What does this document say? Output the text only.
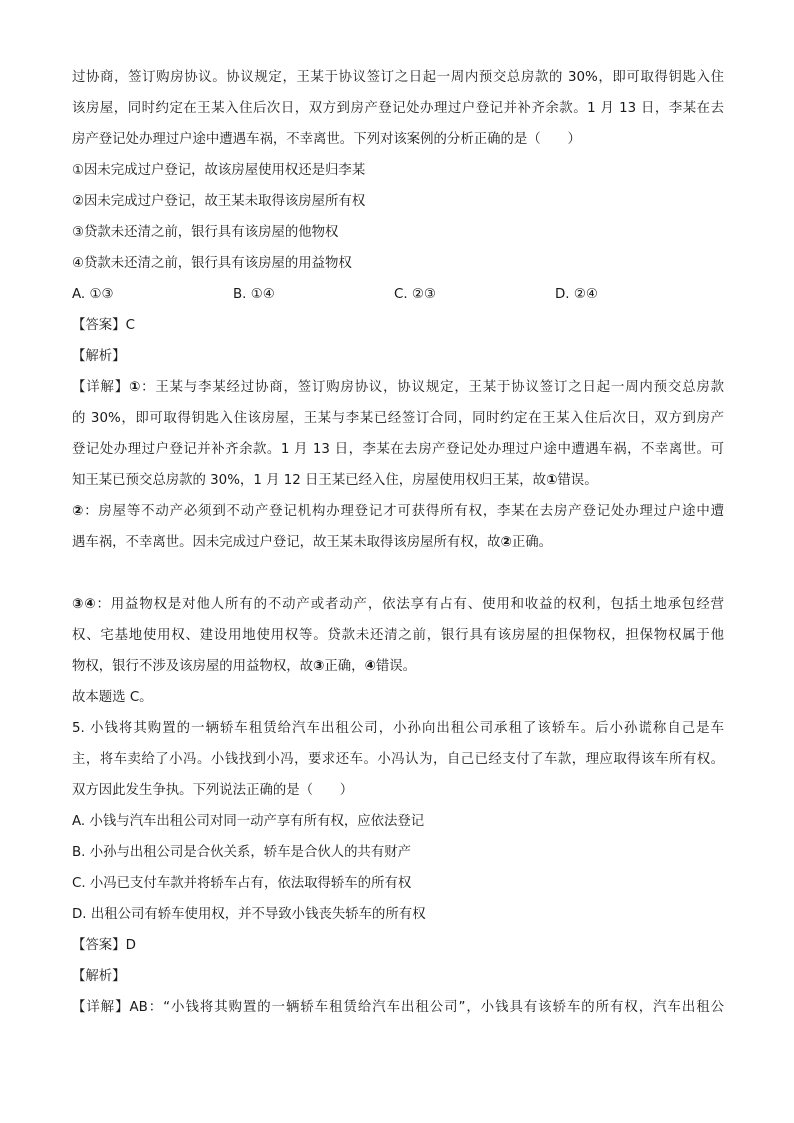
过协商，签订购房协议。协议规定，王某于协议签订之日起一周内预交总房款的 30%，即可取得钥匙入住
该房屋，同时约定在王某入住后次日，双方到房产登记处办理过户登记并补齐余款。1 月 13 日，李某在去
房产登记处办理过户途中遭遇车祸，不幸离世。下列对该案例的分析正确的是（　　）
①因未完成过户登记，故该房屋使用权还是归李某
②因未完成过户登记，故王某未取得该房屋所有权
③贷款未还清之前，银行具有该房屋的他物权
④贷款未还清之前，银行具有该房屋的用益物权
A. ①③	B. ①④	C. ②③	D. ②④
【答案】C
【解析】
【详解】①：王某与李某经过协商，签订购房协议，协议规定，王某于协议签订之日起一周内预交总房款
的 30%，即可取得钥匙入住该房屋，王某与李某已经签订合同，同时约定在王某入住后次日，双方到房产
登记处办理过户登记并补齐余款。1 月 13 日，李某在去房产登记处办理过户途中遭遇车祸，不幸离世。可
知王某已预交总房款的 30%，1 月 12 日王某已经入住，房屋使用权归王某，故①错误。
②：房屋等不动产必须到不动产登记机构办理登记才可获得所有权，李某在去房产登记处办理过户途中遭
遇车祸，不幸离世。因未完成过户登记，故王某未取得该房屋所有权，故②正确。
③④：用益物权是对他人所有的不动产或者动产，依法享有占有、使用和收益的权利，包括土地承包经营
权、宅基地使用权、建设用地使用权等。贷款未还清之前，银行具有该房屋的担保物权，担保物权属于他
物权，银行不涉及该房屋的用益物权，故③正确，④错误。
故本题选 C。
5. 小钱将其购置的一辆轿车租赁给汽车出租公司，小孙向出租公司承租了该轿车。后小孙谎称自己是车
主，将车卖给了小冯。小钱找到小冯，要求还车。小冯认为，自己已经支付了车款，理应取得该车所有权。
双方因此发生争执。下列说法正确的是（　　）
A. 小钱与汽车出租公司对同一动产享有所有权，应依法登记
B. 小孙与出租公司是合伙关系，轿车是合伙人的共有财产
C. 小冯已支付车款并将轿车占有，依法取得轿车的所有权
D. 出租公司有轿车使用权，并不导致小钱丧失轿车的所有权
【答案】D
【解析】
【详解】AB：“小钱将其购置的一辆轿车租赁给汽车出租公司”，小钱具有该轿车的所有权，汽车出租公
